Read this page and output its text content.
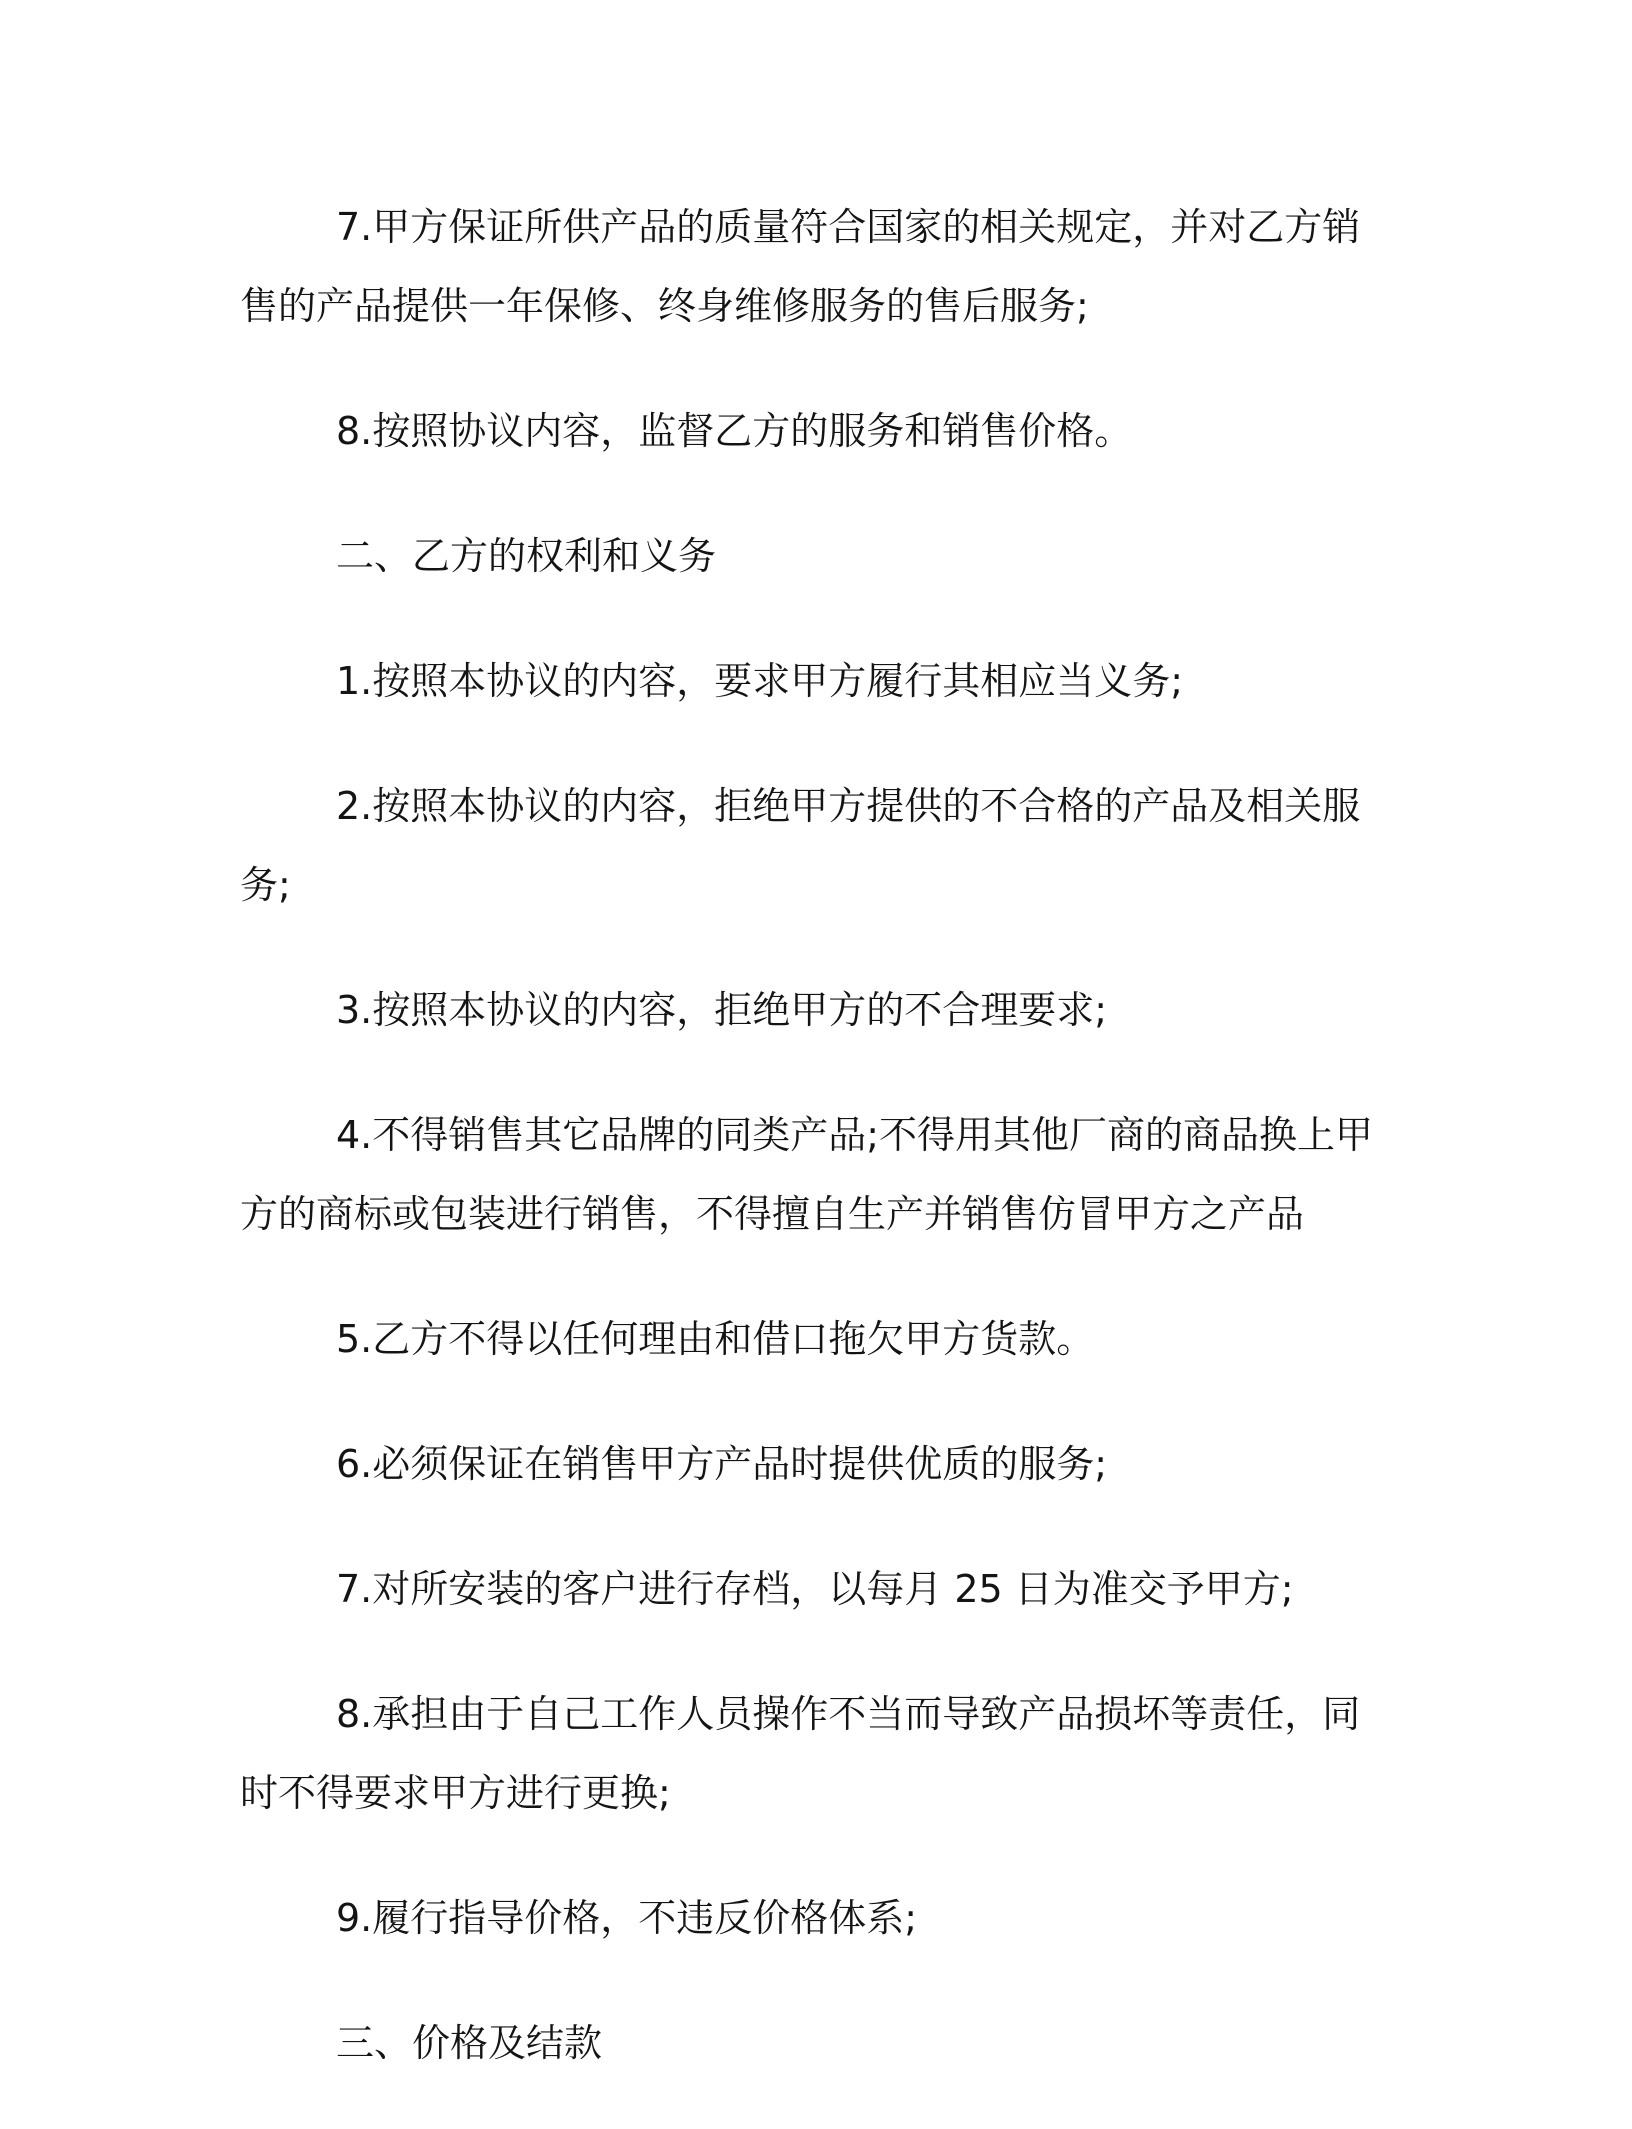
7.甲方保证所供产品的质量符合国家的相关规定，并对乙方销售的产品提供一年保修、终身维修服务的售后服务;

8.按照协议内容，监督乙方的服务和销售价格。

二、乙方的权利和义务

1.按照本协议的内容，要求甲方履行其相应当义务;

2.按照本协议的内容，拒绝甲方提供的不合格的产品及相关服务;

3.按照本协议的内容，拒绝甲方的不合理要求;

4.不得销售其它品牌的同类产品;不得用其他厂商的商品换上甲方的商标或包装进行销售，不得擅自生产并销售仿冒甲方之产品

5.乙方不得以任何理由和借口拖欠甲方货款。

6.必须保证在销售甲方产品时提供优质的服务;

7.对所安装的客户进行存档，以每月 25 日为准交予甲方;

8.承担由于自己工作人员操作不当而导致产品损坏等责任，同时不得要求甲方进行更换;

9.履行指导价格，不违反价格体系;

三、价格及结款
